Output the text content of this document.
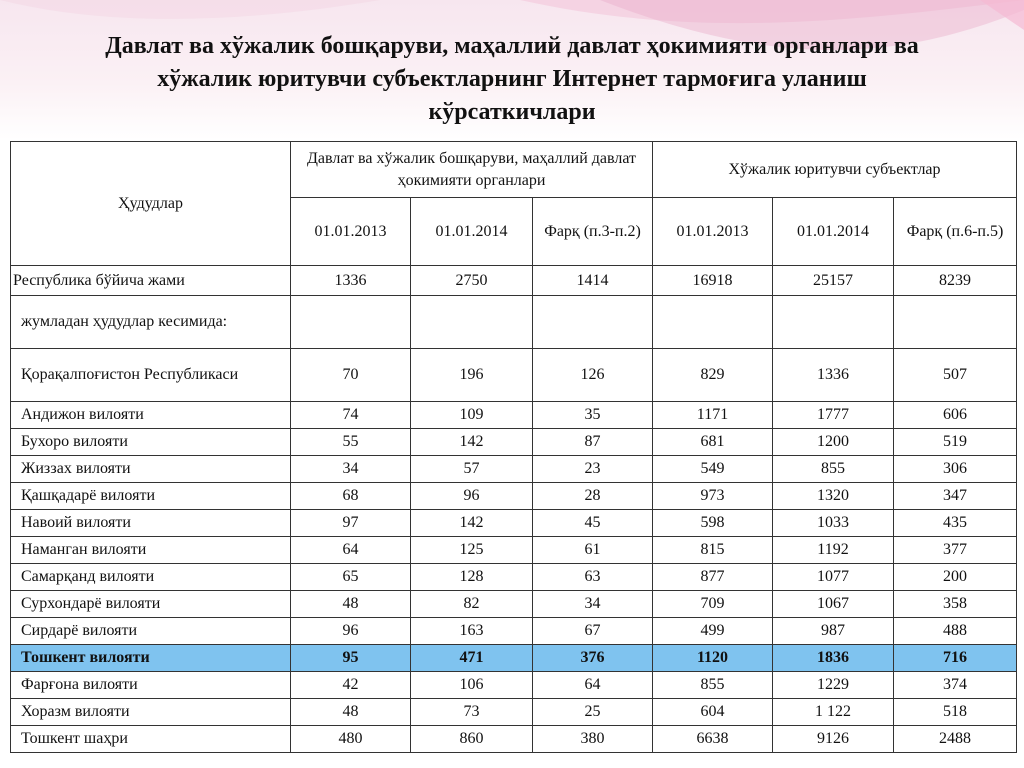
Давлат ва хўжалик бошқаруви, маҳаллий давлат ҳокимияти органлари ва
хўжалик юритувчи субъектларнинг Интернет тармоғига уланиш
кўрсаткичлари
Ҳудудлар	Давлат ва хўжалик бошқаруви, маҳаллий давлат ҳокимияти органлари			Хўжалик юритувчи субъектлар		
	01.01.2013	01.01.2014	Фарқ (п.3-п.2)	01.01.2013	01.01.2014	Фарқ (п.6-п.5)
Республика бўйича жами	1336	2750	1414	16918	25157	8239
жумладан ҳудудлар кесимида:						
Қорақалпоғистон Республикаси	70	196	126	829	1336	507
Андижон вилояти	74	109	35	1171	1777	606
Бухоро вилояти	55	142	87	681	1200	519
Жиззах вилояти	34	57	23	549	855	306
Қашқадарё вилояти	68	96	28	973	1320	347
Навоий вилояти	97	142	45	598	1033	435
Наманган вилояти	64	125	61	815	1192	377
Самарқанд вилояти	65	128	63	877	1077	200
Сурхондарё вилояти	48	82	34	709	1067	358
Сирдарё вилояти	96	163	67	499	987	488
Тошкент вилояти	95	471	376	1120	1836	716
Фарғона вилояти	42	106	64	855	1229	374
Хоразм вилояти	48	73	25	604	1 122	518
Тошкент шаҳри	480	860	380	6638	9126	2488
